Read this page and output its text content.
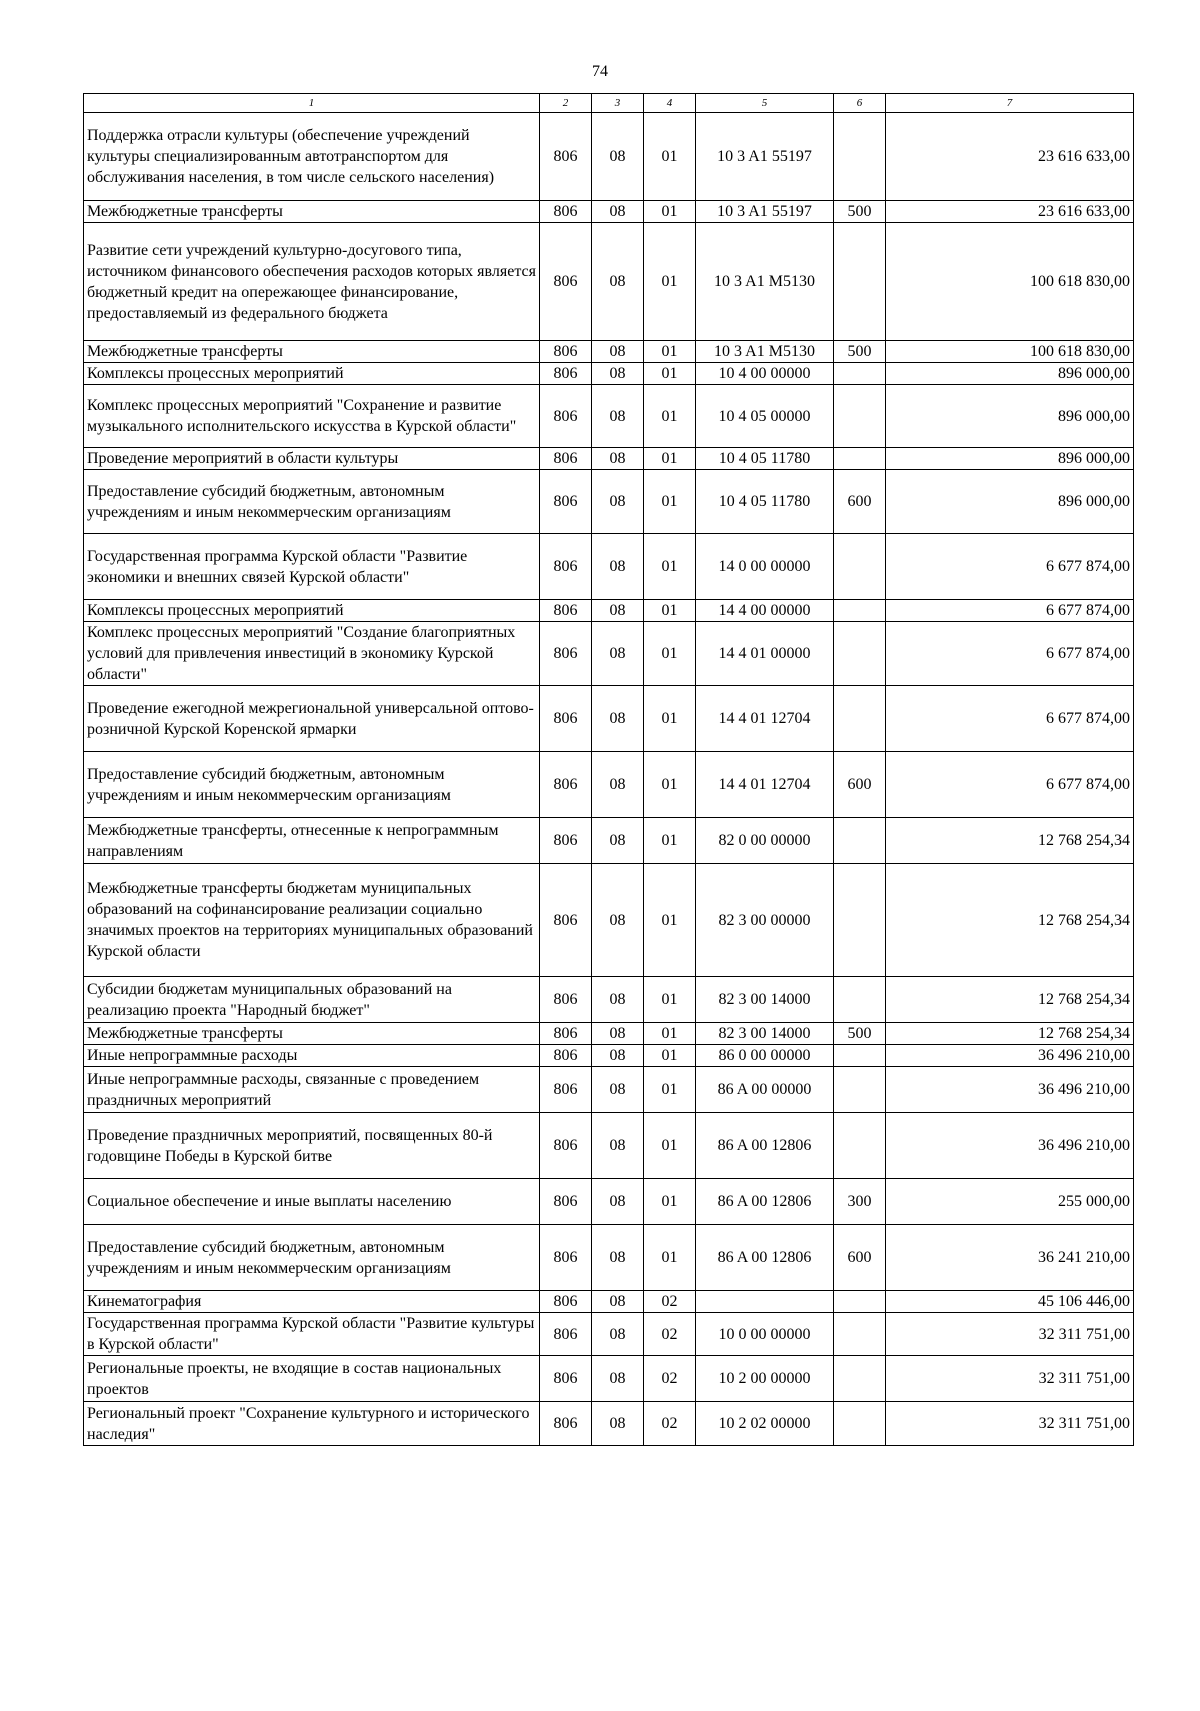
74
1	2	3	4	5	6	7
Поддержка отрасли культуры (обеспечение учреждений культуры специализированным автотранспортом для обслуживания населения, в том числе сельского населения)	806	08	01	10 3 A1 55197		23 616 633,00
Межбюджетные трансферты	806	08	01	10 3 A1 55197	500	23 616 633,00
Развитие сети учреждений культурно-досугового типа, источником финансового обеспечения расходов которых является бюджетный кредит на опережающее финансирование, предоставляемый из федерального бюджета	806	08	01	10 3 A1 M5130		100 618 830,00
Межбюджетные трансферты	806	08	01	10 3 A1 M5130	500	100 618 830,00
Комплексы процессных мероприятий	806	08	01	10 4 00 00000		896 000,00
Комплекс процессных мероприятий "Сохранение и развитие музыкального исполнительского искусства в Курской области"	806	08	01	10 4 05 00000		896 000,00
Проведение мероприятий в области культуры	806	08	01	10 4 05 11780		896 000,00
Предоставление субсидий бюджетным, автономным учреждениям и иным некоммерческим организациям	806	08	01	10 4 05 11780	600	896 000,00
Государственная программа Курской области "Развитие экономики и внешних связей Курской области"	806	08	01	14 0 00 00000		6 677 874,00
Комплексы процессных мероприятий	806	08	01	14 4 00 00000		6 677 874,00
Комплекс процессных мероприятий "Создание благоприятных условий для привлечения инвестиций в экономику Курской области"	806	08	01	14 4 01 00000		6 677 874,00
Проведение ежегодной межрегиональной универсальной оптово-розничной Курской Коренской ярмарки	806	08	01	14 4 01 12704		6 677 874,00
Предоставление субсидий бюджетным, автономным учреждениям и иным некоммерческим организациям	806	08	01	14 4 01 12704	600	6 677 874,00
Межбюджетные трансферты, отнесенные к непрограммным направлениям	806	08	01	82 0 00 00000		12 768 254,34
Межбюджетные трансферты бюджетам муниципальных образований на софинансирование реализации социально значимых проектов на территориях муниципальных образований Курской области	806	08	01	82 3 00 00000		12 768 254,34
Субсидии бюджетам муниципальных образований на реализацию проекта "Народный бюджет"	806	08	01	82 3 00 14000		12 768 254,34
Межбюджетные трансферты	806	08	01	82 3 00 14000	500	12 768 254,34
Иные непрограммные расходы	806	08	01	86 0 00 00000		36 496 210,00
Иные непрограммные расходы, связанные с проведением праздничных мероприятий	806	08	01	86 A 00 00000		36 496 210,00
Проведение праздничных мероприятий, посвященных 80-й годовщине Победы в Курской битве	806	08	01	86 A 00 12806		36 496 210,00
Социальное обеспечение и иные выплаты населению	806	08	01	86 A 00 12806	300	255 000,00
Предоставление субсидий бюджетным, автономным учреждениям и иным некоммерческим организациям	806	08	01	86 A 00 12806	600	36 241 210,00
Кинематография	806	08	02			45 106 446,00
Государственная программа Курской области "Развитие культуры в Курской области"	806	08	02	10 0 00 00000		32 311 751,00
Региональные проекты, не входящие в состав национальных проектов	806	08	02	10 2 00 00000		32 311 751,00
Региональный проект "Сохранение культурного и исторического наследия"	806	08	02	10 2 02 00000		32 311 751,00
